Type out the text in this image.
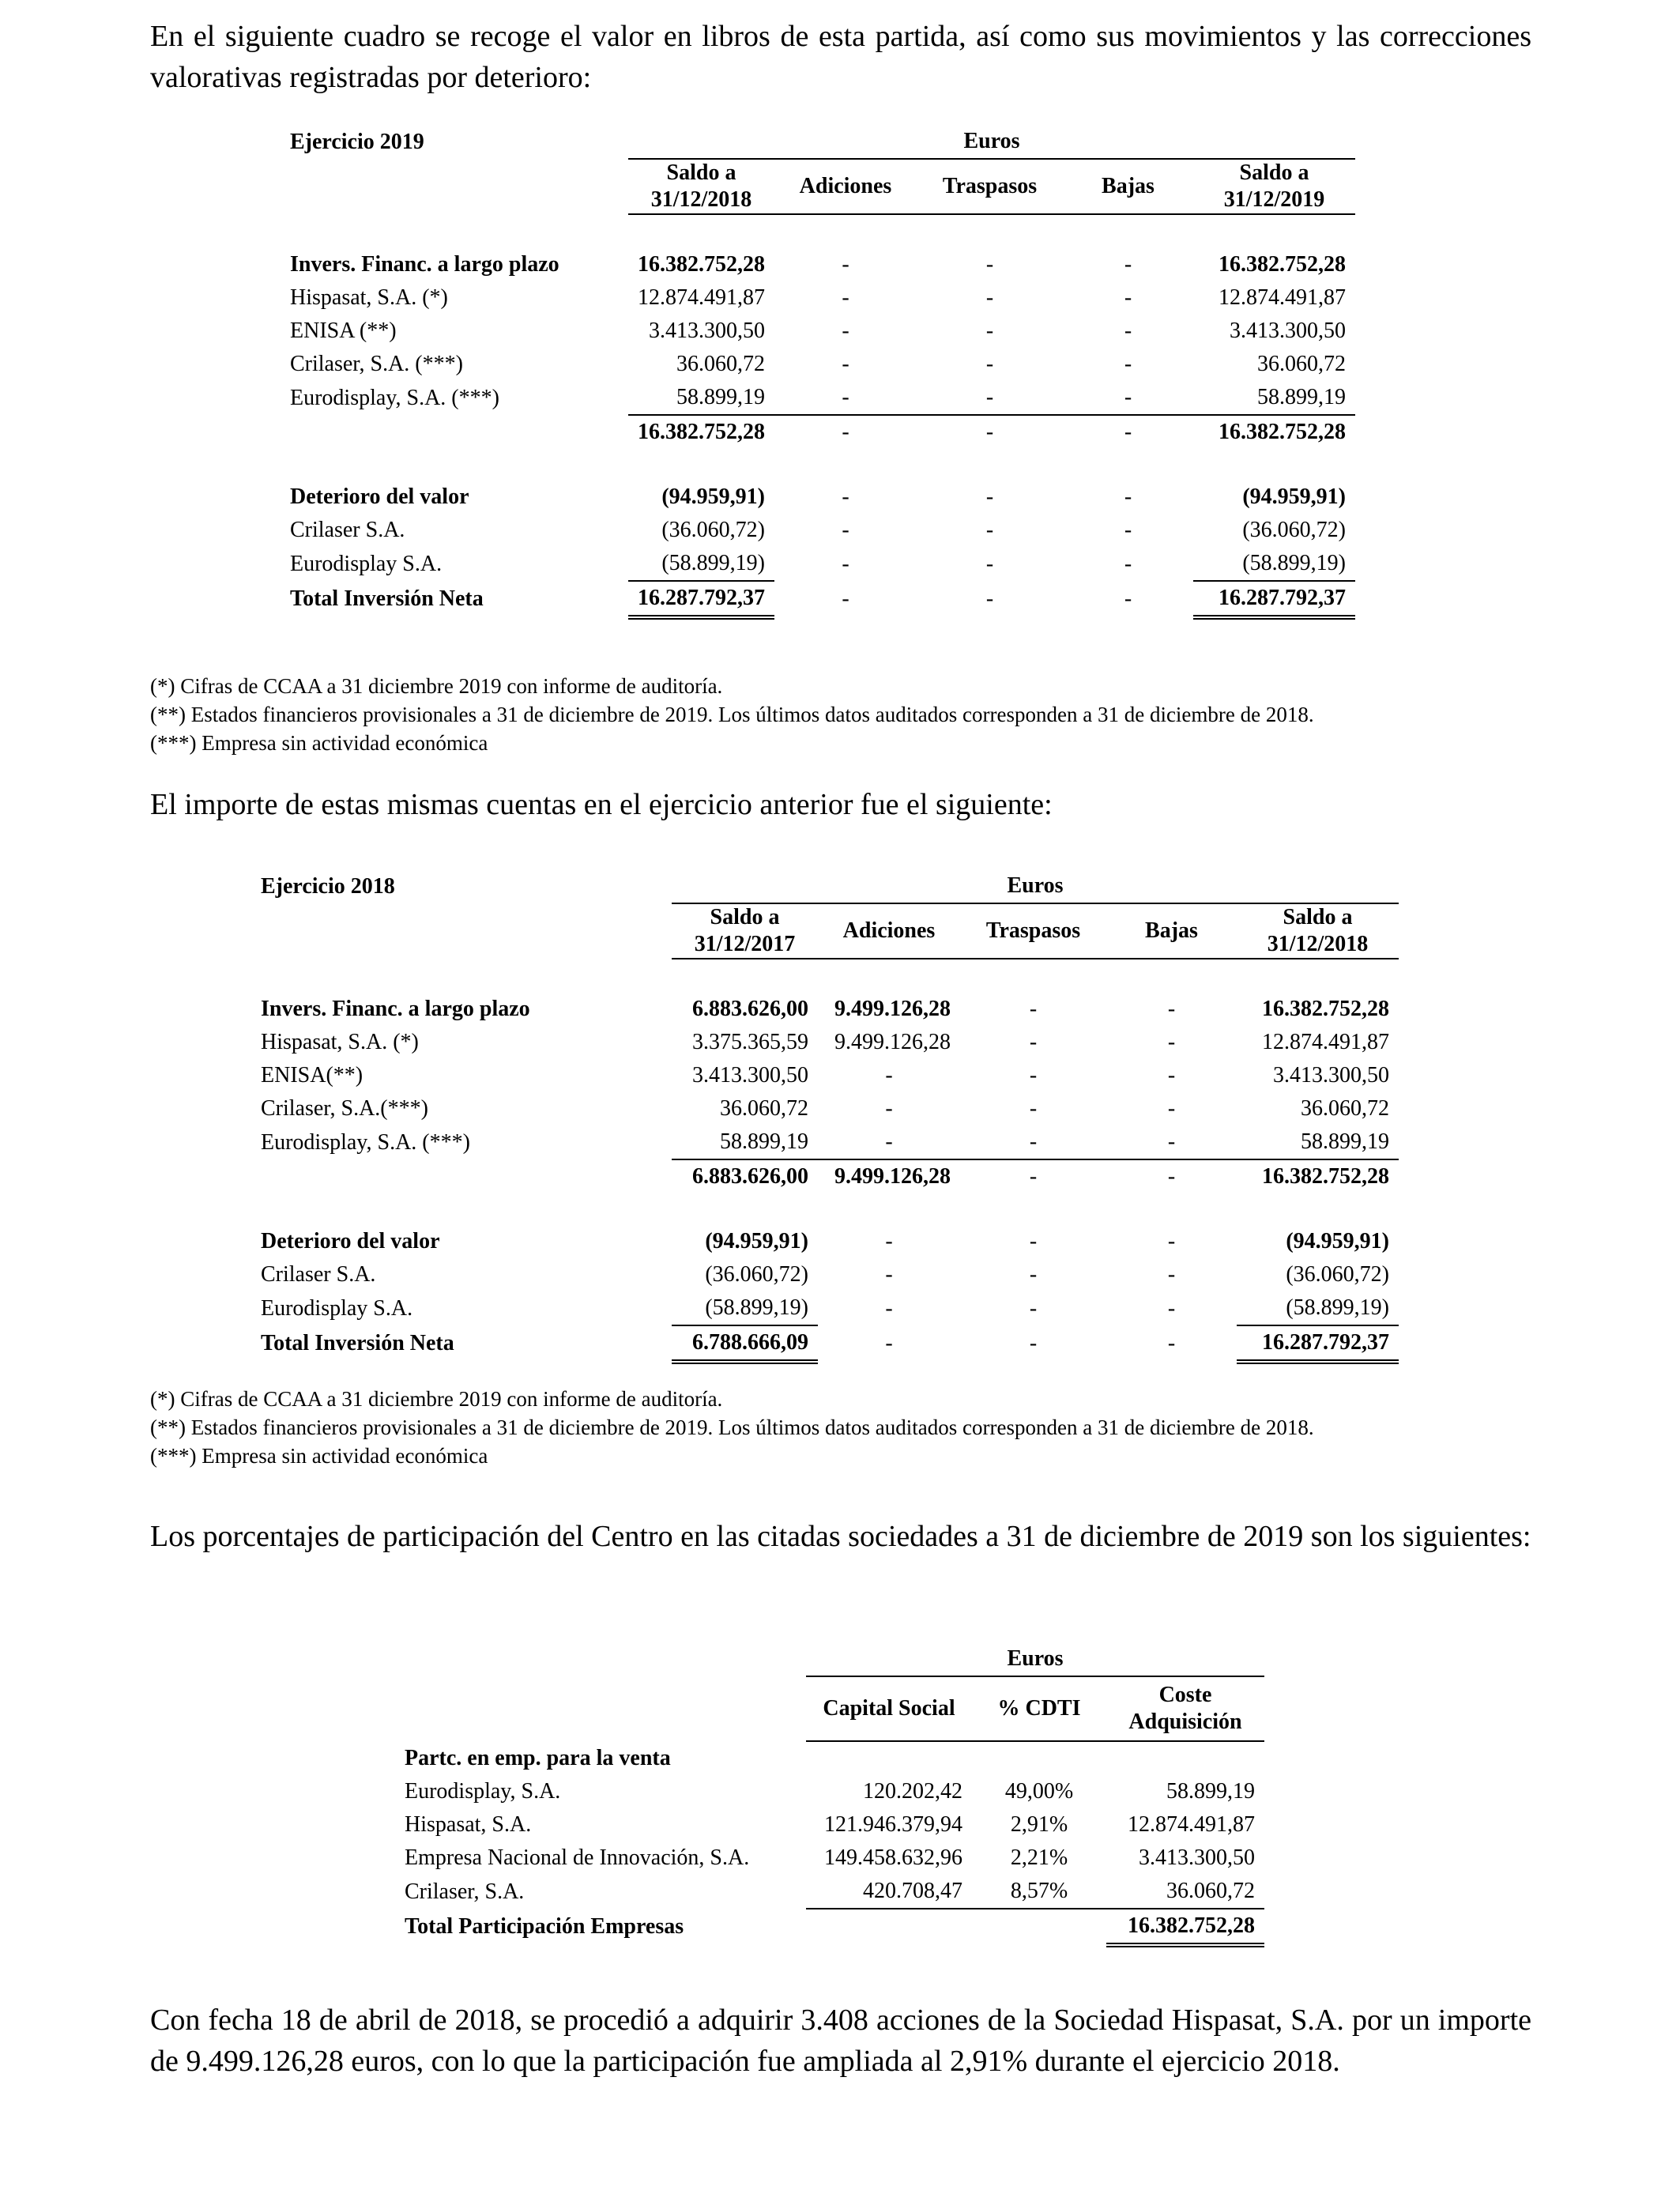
En el siguiente cuadro se recoge el valor en libros de esta partida, así como sus movimientos y las correcciones valorativas registradas por deterioro:

Ejercicio 2019	Euros				
	Saldo a 31/12/2018	Adiciones	Traspasos	Bajas	Saldo a 31/12/2019

Invers. Financ. a largo plazo	16.382.752,28	-	-	-	16.382.752,28
Hispasat, S.A. (*)	12.874.491,87	-	-	-	12.874.491,87
ENISA (**)	3.413.300,50	-	-	-	3.413.300,50
Crilaser, S.A. (***)	36.060,72	-	-	-	36.060,72
Eurodisplay, S.A. (***)	58.899,19	-	-	-	58.899,19
	16.382.752,28	-	-	-	16.382.752,28

Deterioro del valor	(94.959,91)	-	-	-	(94.959,91)
Crilaser S.A.	(36.060,72)	-	-	-	(36.060,72)
Eurodisplay S.A.	(58.899,19)	-	-	-	(58.899,19)
Total Inversión Neta	16.287.792,37	-	-	-	16.287.792,37
(*) Cifras de CCAA a 31 diciembre 2019 con informe de auditoría.
(**) Estados financieros provisionales a 31 de diciembre de 2019. Los últimos datos auditados corresponden a 31 de diciembre de 2018.
(***) Empresa sin actividad económica

El importe de estas mismas cuentas en el ejercicio anterior fue el siguiente:

Ejercicio 2018	Euros				
	Saldo a 31/12/2017	Adiciones	Traspasos	Bajas	Saldo a 31/12/2018

Invers. Financ. a largo plazo	6.883.626,00	9.499.126,28	-	-	16.382.752,28
Hispasat, S.A. (*)	3.375.365,59	9.499.126,28	-	-	12.874.491,87
ENISA(**)	3.413.300,50	-	-	-	3.413.300,50
Crilaser, S.A.(***)	36.060,72	-	-	-	36.060,72
Eurodisplay, S.A. (***)	58.899,19	-	-	-	58.899,19
	6.883.626,00	9.499.126,28	-	-	16.382.752,28

Deterioro del valor	(94.959,91)	-	-	-	(94.959,91)
Crilaser S.A.	(36.060,72)	-	-	-	(36.060,72)
Eurodisplay S.A.	(58.899,19)	-	-	-	(58.899,19)
Total Inversión Neta	6.788.666,09	-	-	-	16.287.792,37
(*) Cifras de CCAA a 31 diciembre 2019 con informe de auditoría.
(**) Estados financieros provisionales a 31 de diciembre de 2019. Los últimos datos auditados corresponden a 31 de diciembre de 2018.
(***) Empresa sin actividad económica

Los porcentajes de participación del Centro en las citadas sociedades a 31 de diciembre de 2019 son los siguientes:

	Euros		
	Capital Social	% CDTI	Coste Adquisición
Partc. en emp. para la venta			
Eurodisplay, S.A.	120.202,42	49,00%	58.899,19
Hispasat, S.A.	121.946.379,94	2,91%	12.874.491,87
Empresa Nacional de Innovación, S.A.	149.458.632,96	2,21%	3.413.300,50
Crilaser, S.A.	420.708,47	8,57%	36.060,72
Total Participación Empresas			16.382.752,28

Con fecha 18 de abril de 2018, se procedió a adquirir 3.408 acciones de la Sociedad Hispasat, S.A. por un importe de 9.499.126,28 euros, con lo que la participación fue ampliada al 2,91% durante el ejercicio 2018.
